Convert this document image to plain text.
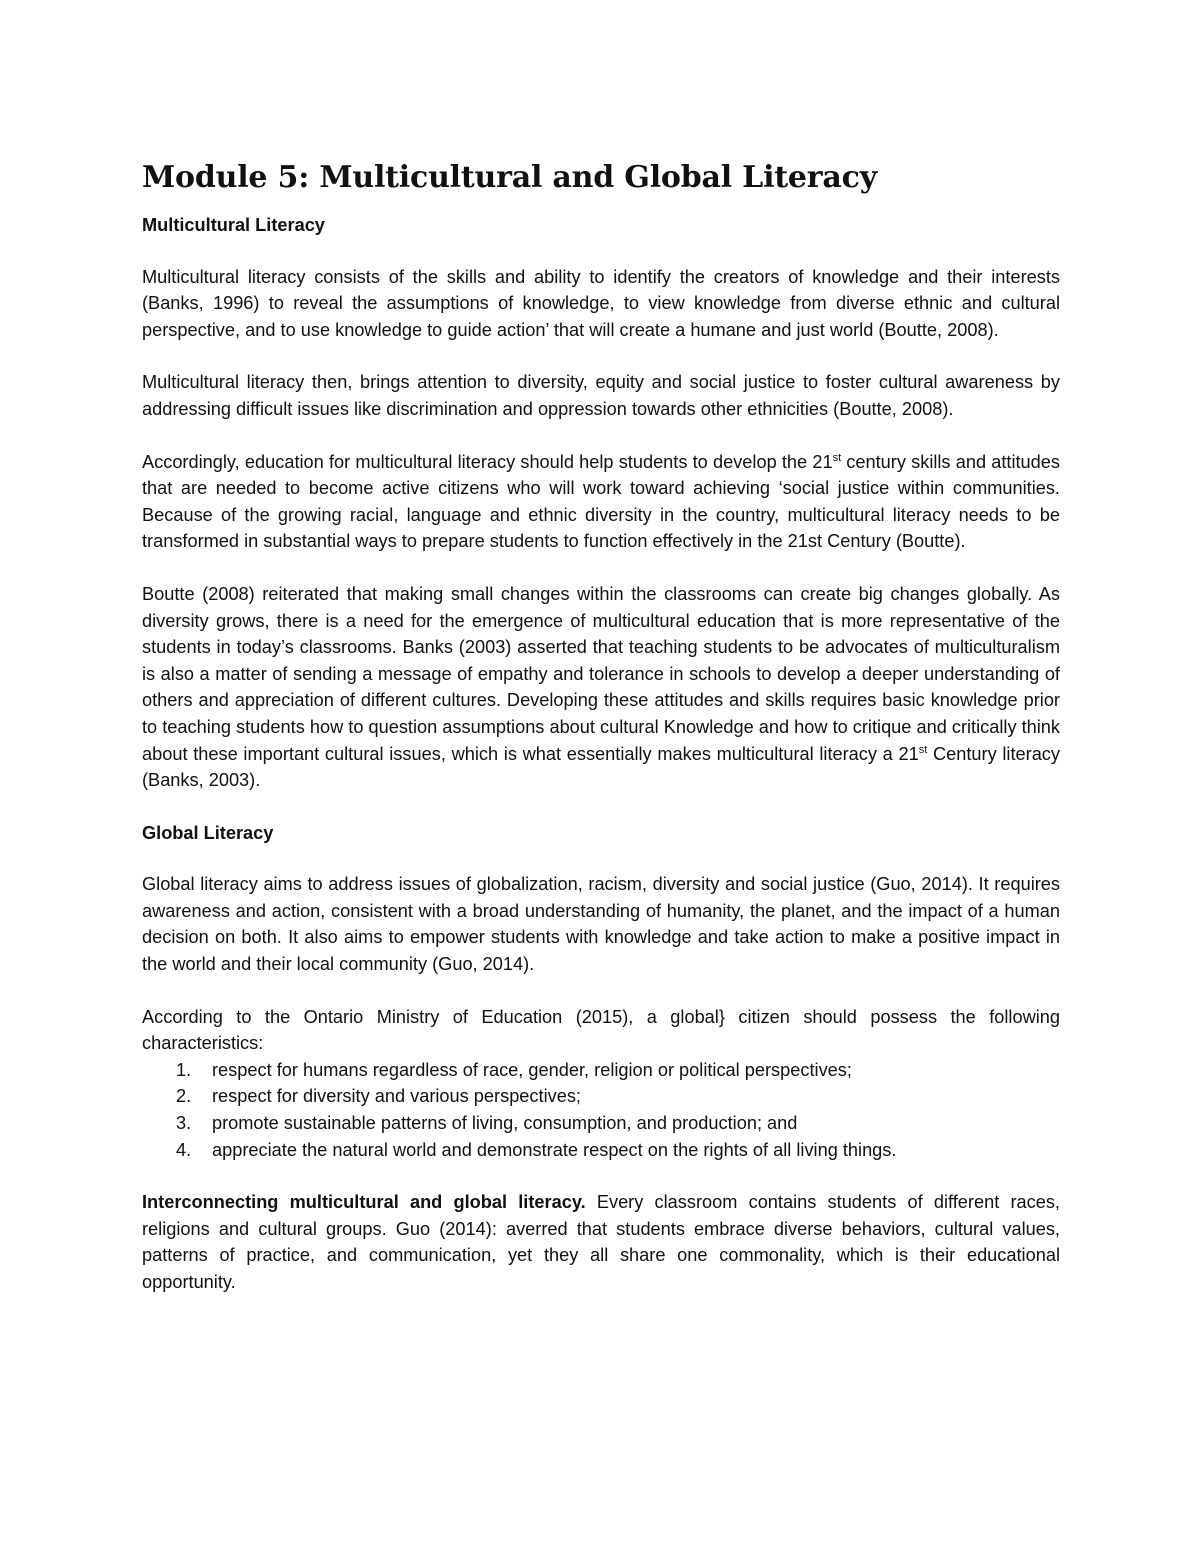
Module 5: Multicultural and Global Literacy
Multicultural Literacy

Multicultural literacy consists of the skills and ability to identify the creators of knowledge and their interests (Banks, 1996) to reveal the assumptions of knowledge, to view knowledge from diverse ethnic and cultural perspective, and to use knowledge to guide action’ that will create a humane and just world (Boutte, 2008).

Multicultural literacy then, brings attention to diversity, equity and social justice to foster cultural awareness by addressing difficult issues like discrimination and oppression towards other ethnicities (Boutte, 2008).

Accordingly, education for multicultural literacy should help students to develop the 21st century skills and attitudes that are needed to become active citizens who will work toward achieving ‘social justice within communities. Because of the growing racial, language and ethnic diversity in the country, multicultural literacy needs to be transformed in substantial ways to prepare students to function effectively in the 21st Century (Boutte).

Boutte (2008) reiterated that making small changes within the classrooms can create big changes globally. As diversity grows, there is a need for the emergence of multicultural education that is more representative of the students in today’s classrooms. Banks (2003) asserted that teaching students to be advocates of multiculturalism is also a matter of sending a message of empathy and tolerance in schools to develop a deeper understanding of others and appreciation of different cultures. Developing these attitudes and skills requires basic knowledge prior to teaching students how to question assumptions about cultural Knowledge and how to critique and critically think about these important cultural issues, which is what essentially makes multicultural literacy a 21st Century literacy (Banks, 2003).

Global Literacy

Global literacy aims to address issues of globalization, racism, diversity and social justice (Guo, 2014). It requires awareness and action, consistent with a broad understanding of humanity, the planet, and the impact of a human decision on both. It also aims to empower students with knowledge and take action to make a positive impact in the world and their local community (Guo, 2014).

According to the Ontario Ministry of Education (2015), a global} citizen should possess the following characteristics:

1. respect for humans regardless of race, gender, religion or political perspectives;
2. respect for diversity and various perspectives;
3. promote sustainable patterns of living, consumption, and production; and
4. appreciate the natural world and demonstrate respect on the rights of all living things.

Interconnecting multicultural and global literacy. Every classroom contains students of different races, religions and cultural groups. Guo (2014): averred that students embrace diverse behaviors, cultural values, patterns of practice, and communication, yet they all share one commonality, which is their educational opportunity.
